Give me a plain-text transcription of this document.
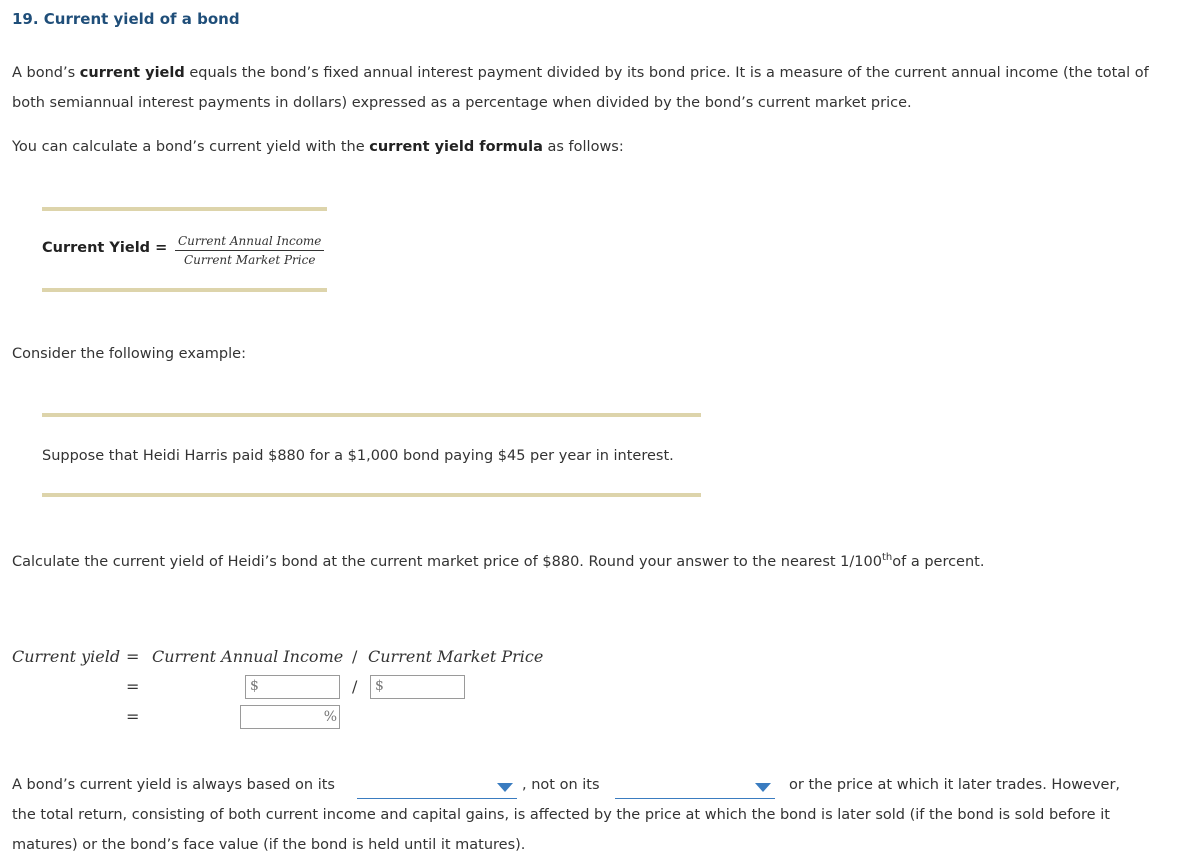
19. Current yield of a bond
A bond’s current yield equals the bond’s fixed annual interest payment divided by its bond price. It is a measure of the current annual income (the total of both semiannual interest payments in dollars) expressed as a percentage when divided by the bond’s current market price.
You can calculate a bond’s current yield with the current yield formula as follows:
Current Yield = Current Annual Income
Current Market Price
Consider the following example:
Suppose that Heidi Harris paid $880 for a $1,000 bond paying $45 per year in interest.
Calculate the current yield of Heidi’s bond at the current market price of $880. Round your answer to the nearest 1/100thof a percent.
Current yield = Current Annual Income / Current Market Price
=	$	/ $
=	%
A bond’s current yield is always based on its	, not on its	or the price at which it later trades. However,
the total return, consisting of both current income and capital gains, is affected by the price at which the bond is later sold (if the bond is sold before it matures) or the bond’s face value (if the bond is held until it matures).
